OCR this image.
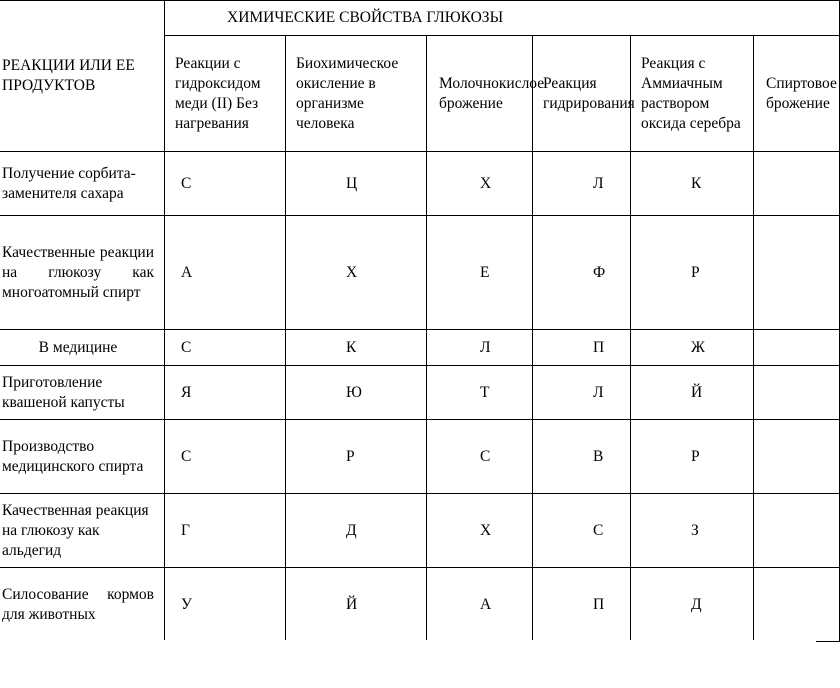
РЕАКЦИИ ИЛИ ЕЕ ПРОДУКТОВ	ХИМИЧЕСКИЕ СВОЙСТВА ГЛЮКОЗЫ					
	Реакции с гидроксидом меди (II) Без нагревания	Биохимическое окисление в организме человека	Молочнокислое брожение	Реакция гидрирования	Реакция с Аммиачным раствором оксида серебра	Спиртовое брожение
Получение сорбита-заменителя сахара	С	Ц	Х	Л	К	
Качественные реакции на глюкозу как многоатомный спирт	А	Х	Е	Ф	Р	
В медицине	С	К	Л	П	Ж	
Приготовление квашеной капусты	Я	Ю	Т	Л	Й	
Производство медицинского спирта	С	Р	С	В	Р	
Качественная реакция на глюкозу как альдегид	Г	Д	Х	С	З	
Силосование кормов для животных	У	Й	А	П	Д	
